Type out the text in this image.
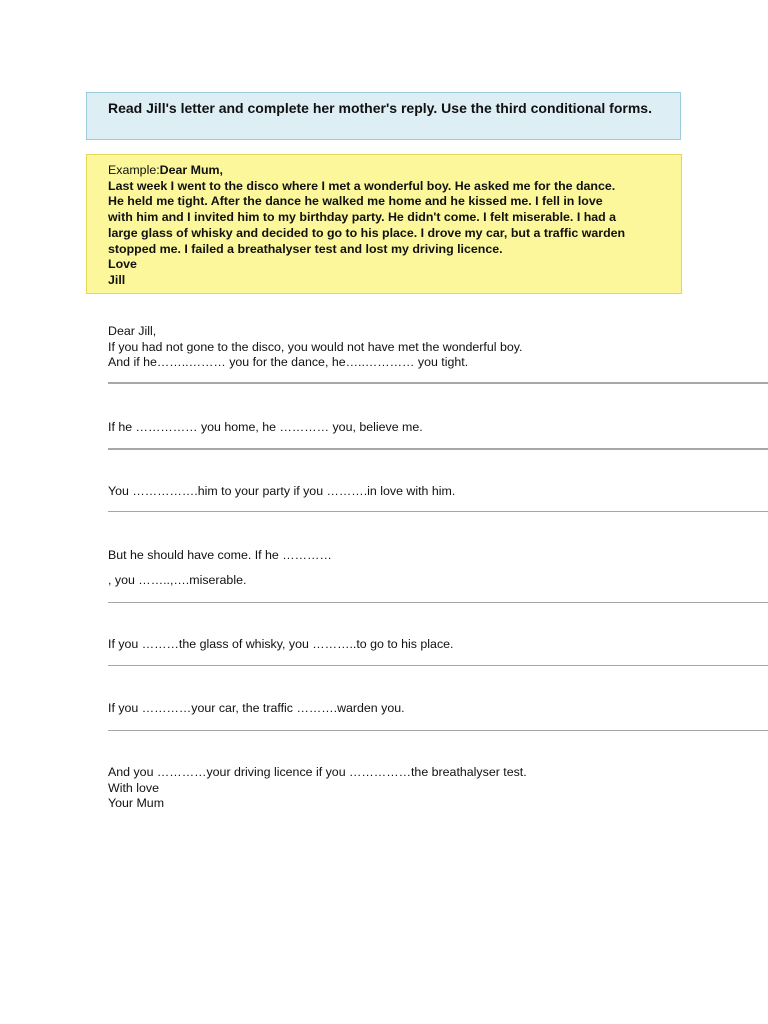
Read Jill's letter and complete her mother's reply. Use the third conditional forms.
Example:Dear Mum,
Last week I went to the disco where I met a wonderful boy. He asked me for the dance.
He held me tight. After the dance he walked me home and he kissed me. I fell in love
with him and I invited him to my birthday party. He didn't come. I felt miserable. I had a
large glass of whisky and decided to go to his place. I drove my car, but a traffic warden
stopped me. I failed a breathalyser test and lost my driving licence.
Love
Jill
Dear Jill,
If you had not gone to the disco, you would not have met the wonderful boy.
And if he……..……… you for the dance, he…..………… you tight.
If he …………… you home, he ………… you, believe me.
You …………….him to your party if you ……….in love with him.
But he should have come. If he …………
, you ……..,….miserable.
If you ………the glass of whisky, you ………..to go to his place.
If you …………your car, the traffic ……….warden you.
And you …………your driving licence if you ……………the breathalyser test.
With love
Your Mum
